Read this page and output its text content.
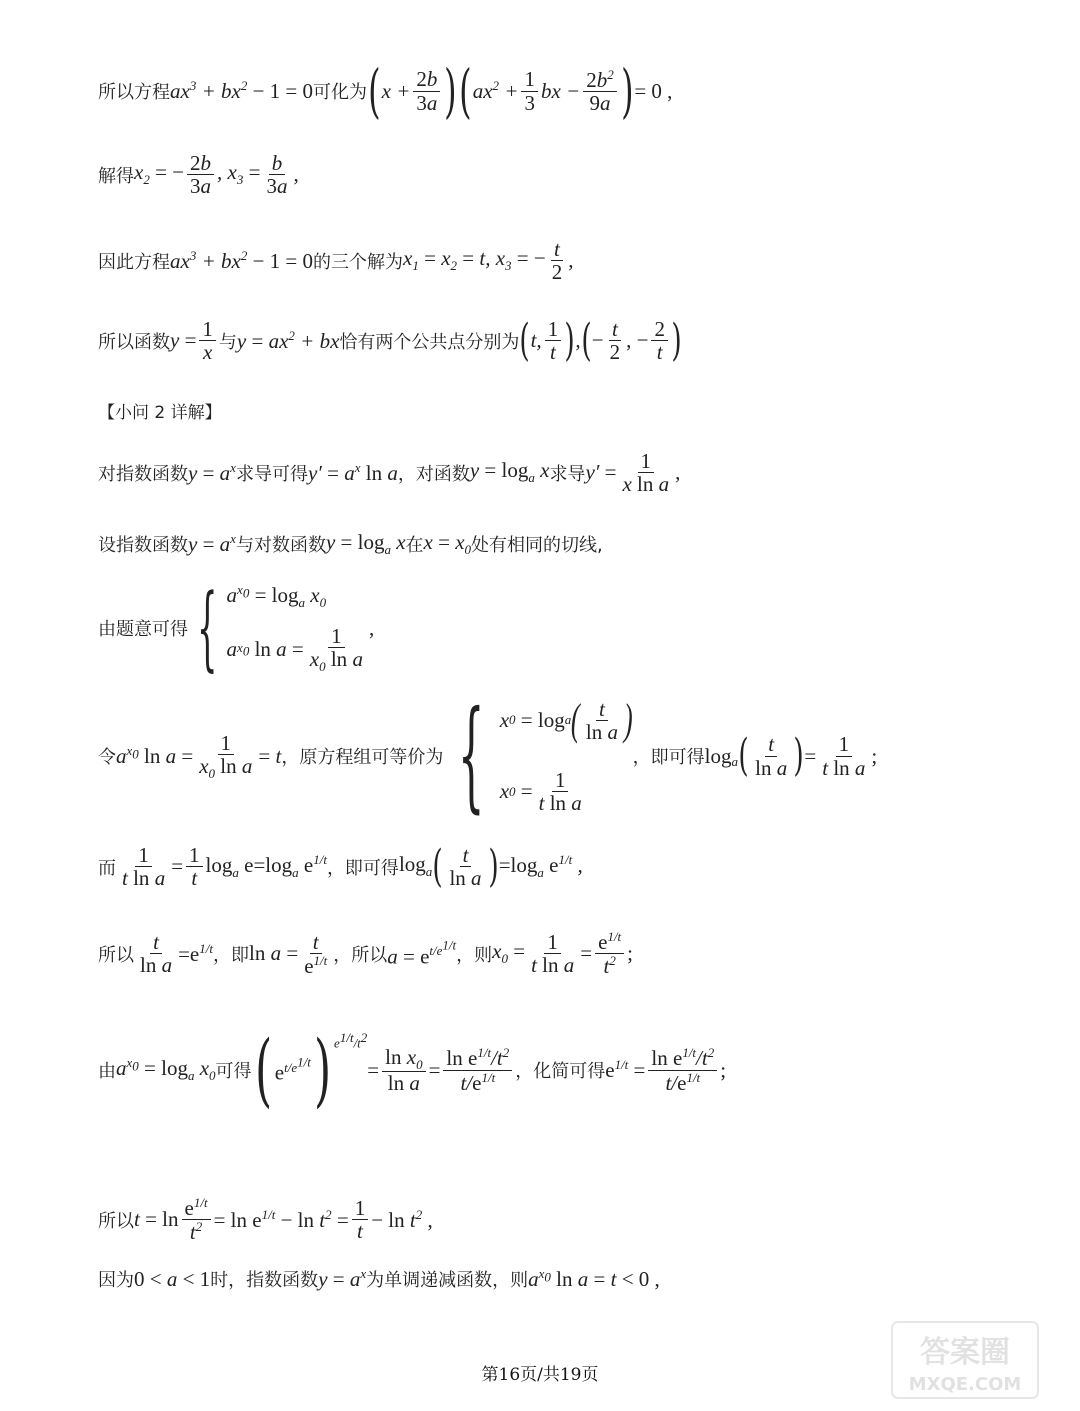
所以方程 $ax^3 + bx^2 - 1 = 0$ 可化为 ( $x + \frac{2b}{3a}$ ) ( $ax^2 + \frac{1}{3}$ bx − $\frac{2b^2}{9a}$ ) = 0 ,
解得 $x_2$ = − $\frac{2b}{3a}$ , $x_3 = \frac{b}{3a}$ ,
因此方程 $ax^3 + bx^2 - 1 = 0$ 的三个解为 $x_1 = x_2 = t$, $x_3$ = − $\frac{t}{2}$ ,
所以函数 $y = \frac{1}{x}$ 与 $y = ax^2$ + bx 恰有两个公共点分别为 ( t, $\frac{1}{t}$ ) , ( − $\frac{t}{2}$ , − $\frac{2}{t}$ )
【小问 2 详解】
对指数函数 $y = a^x$ 求导可得 $y' = a^x$ ln a ，对函数 $y = \log_a x$ 求导 $y' = \frac{1}{\text{x ln a}}$ ,
设指数函数 $y = a^x$ 与对数函数 $y = \log_a x$ 在 $x = x_0$ 处有相同的切线,
由题意可得 { $a^{x_0} = \log_a x_0$
a $x_0$
$\ln a = \frac{1}{x_0 \ln a}$ ,
令 $a^{x_0}$ $\ln a = \frac{1}{x_0 \ln a} = t$ ，原方程组可等价为 { x 0 = log a ( $\frac{t}{\text{ln a}}$ )
x $0 = \frac{1}{\text{t ln a}}$
，即可得 log $_a$ ( $\frac{t}{\text{ln a}}$ ) = $\frac{1}{\text{t ln a}}$ ;
而 $\frac{1}{\text{t ln a}} = \frac{1}{t} \log_a e=\log_a$ $e^{1/t}$ ，即可得 $\log_a$ ( $\frac{t}{\text{ln a}}$ ) $=\log_a$ $e^{1/t}$ ,
所以 $\frac{t}{\text{ln a}} =e^{1/t}$ ，即 $\ln a = \frac{t}{e^{1/t}}$ ，所以 $a = e^{t/e^{1/t}}$ ，则 $x_0 = \frac{1}{\text{t ln a}} = \frac{e^{1/t}}{t^2}$ ;
由 $a^{x_0} = \log_a x_0$ 可得 ( $e^{t/e^{1/t}}$ ) $e^{1/t}/t^2$
= $\frac{\ln x_0}{\text{ln a}} = \frac{\ln e^{1/t}/t^2}{t/e^{1/t}}$ ，化简可得 $e^{1/t} = \frac{\ln e^{1/t}/t^2}{t/e^{1/t}}$ ;
所以 $t = \ln \frac{e^{1/t}}{t^2} = \ln e^{1/t} - \ln t^2 = \frac{1}{t} - \ln t^2$ ,
因为 0 < a < 1 时，指数函数 $y = a^x$ 为单调递减函数，则 $a^{x_0}$ ln a = t < 0 ,
第16页/共19页
答案圈
MXQE.COM
